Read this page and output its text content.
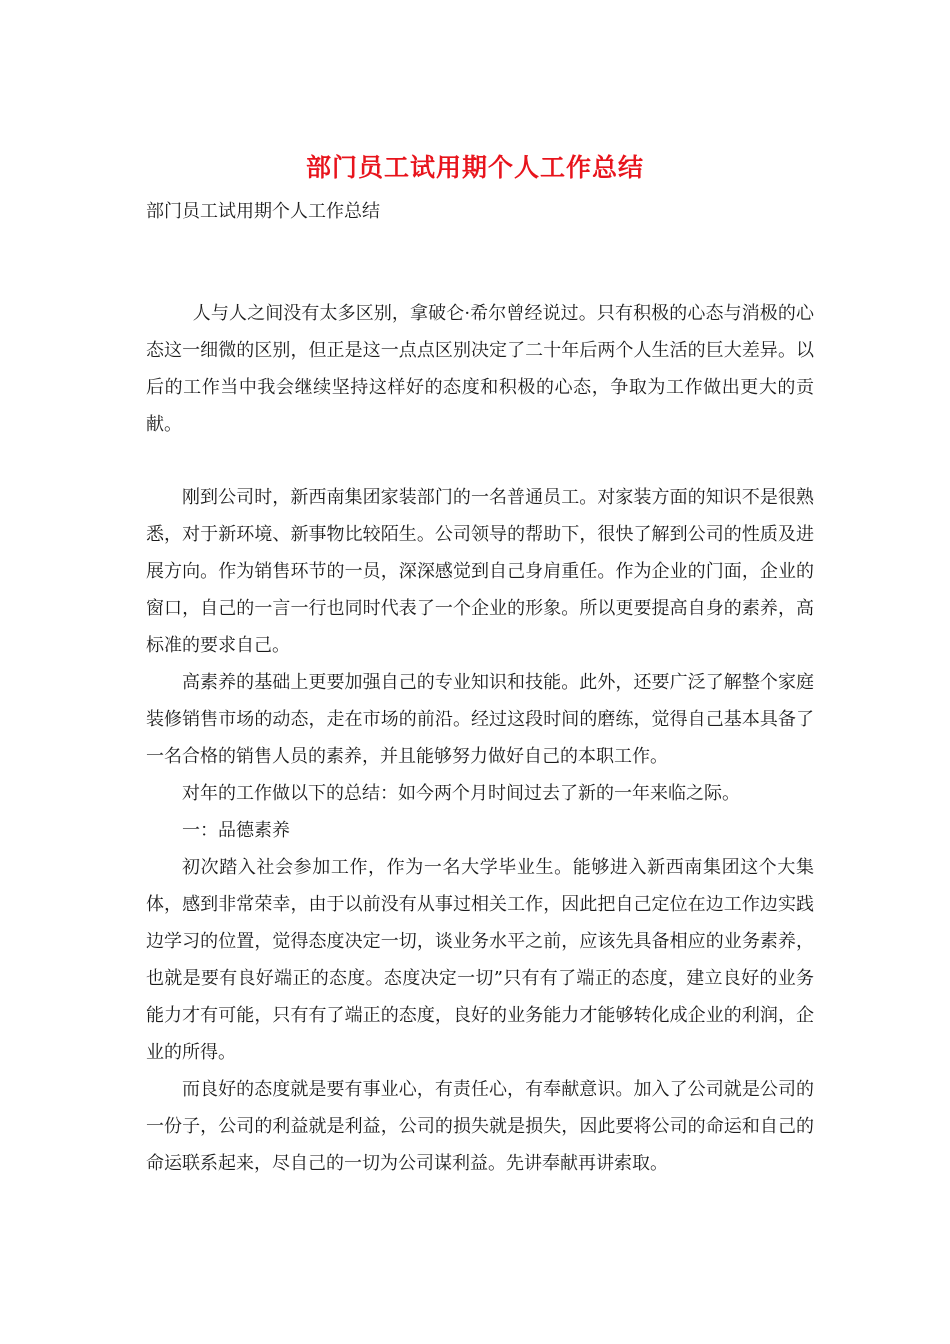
部门员工试用期个人工作总结
部门员工试用期个人工作总结

人与人之间没有太多区别，拿破仑·希尔曾经说过。只有积极的心态与消极的心态这一细微的区别，但正是这一点点区别决定了二十年后两个人生活的巨大差异。以后的工作当中我会继续坚持这样好的态度和积极的心态，争取为工作做出更大的贡献。

刚到公司时，新西南集团家装部门的一名普通员工。对家装方面的知识不是很熟悉，对于新环境、新事物比较陌生。公司领导的帮助下，很快了解到公司的性质及进展方向。作为销售环节的一员，深深感觉到自己身肩重任。作为企业的门面，企业的窗口，自己的一言一行也同时代表了一个企业的形象。所以更要提高自身的素养，高标准的要求自己。

高素养的基础上更要加强自己的专业知识和技能。此外，还要广泛了解整个家庭装修销售市场的动态，走在市场的前沿。经过这段时间的磨练，觉得自己基本具备了一名合格的销售人员的素养，并且能够努力做好自己的本职工作。

对年的工作做以下的总结：如今两个月时间过去了新的一年来临之际。

一：品德素养

初次踏入社会参加工作，作为一名大学毕业生。能够进入新西南集团这个大集体，感到非常荣幸，由于以前没有从事过相关工作，因此把自己定位在边工作边实践边学习的位置，觉得态度决定一切，谈业务水平之前，应该先具备相应的业务素养，也就是要有良好端正的态度。态度决定一切”只有有了端正的态度，建立良好的业务能力才有可能，只有有了端正的态度，良好的业务能力才能够转化成企业的利润，企业的所得。

而良好的态度就是要有事业心，有责任心，有奉献意识。加入了公司就是公司的一份子，公司的利益就是利益，公司的损失就是损失，因此要将公司的命运和自己的命运联系起来，尽自己的一切为公司谋利益。先讲奉献再讲索取。
